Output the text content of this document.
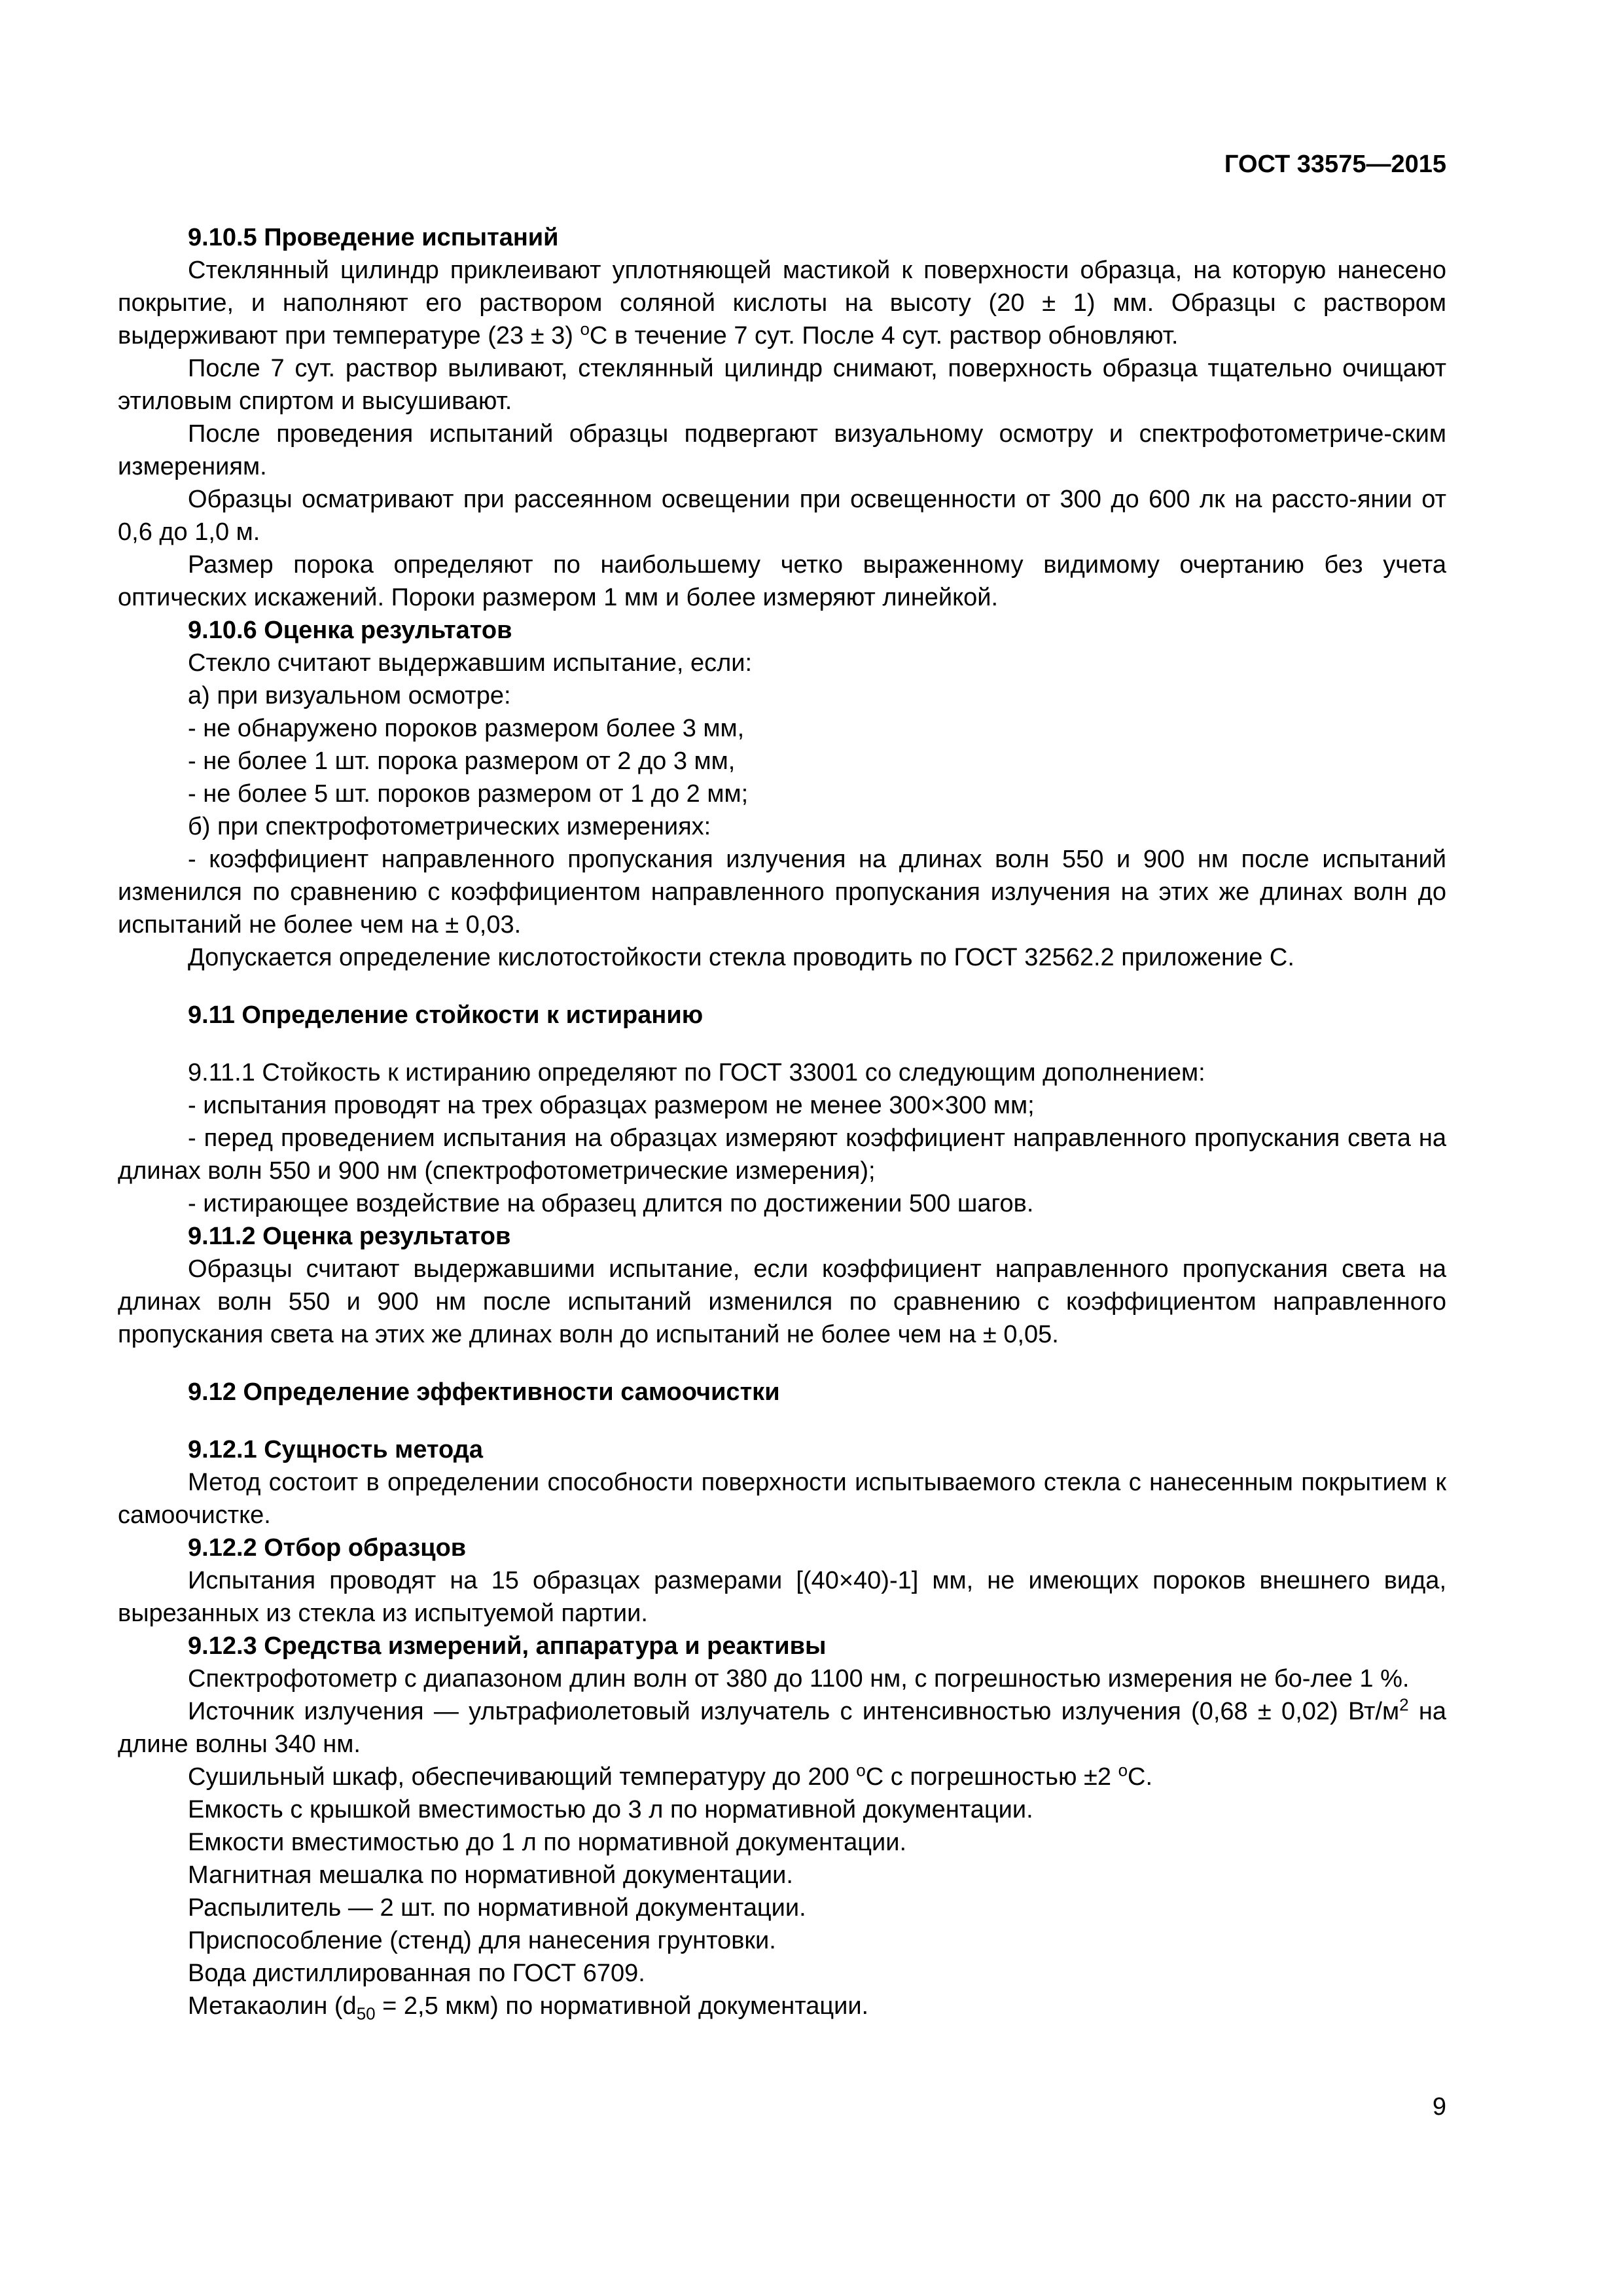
ГОСТ 33575—2015

9.10.5 Проведение испытаний

Стеклянный цилиндр приклеивают уплотняющей мастикой к поверхности образца, на которую нанесено покрытие, и наполняют его раствором соляной кислоты на высоту (20 ± 1) мм. Образцы с раствором выдерживают при температуре (23 ± 3) $^о$С в течение 7 сут. После 4 сут. раствор обновляют.

После 7 сут. раствор выливают, стеклянный цилиндр снимают, поверхность образца тщательно очищают этиловым спиртом и высушивают.

После проведения испытаний образцы подвергают визуальному осмотру и спектрофотометриче-ским измерениям.

Образцы осматривают при рассеянном освещении при освещенности от 300 до 600 лк на рассто-янии от 0,6 до 1,0 м.

Размер порока определяют по наибольшему четко выраженному видимому очертанию без учета оптических искажений. Пороки размером 1 мм и более измеряют линейкой.

9.10.6 Оценка результатов

Стекло считают выдержавшим испытание, если:

а) при визуальном осмотре:

- не обнаружено пороков размером более 3 мм,

- не более 1 шт. порока размером от 2 до 3 мм,

- не более 5 шт. пороков размером от 1 до 2 мм;

б) при спектрофотометрических измерениях:

- коэффициент направленного пропускания излучения на длинах волн 550 и 900 нм после испытаний изменился по сравнению с коэффициентом направленного пропускания излучения на этих же длинах волн до испытаний не более чем на ± 0,03.

Допускается определение кислотостойкости стекла проводить по ГОСТ 32562.2 приложение С.

9.11 Определение стойкости к истиранию

9.11.1 Стойкость к истиранию определяют по ГОСТ 33001 со следующим дополнением:

- испытания проводят на трех образцах размером не менее 300×300 мм;

- перед проведением испытания на образцах измеряют коэффициент направленного пропускания света на длинах волн 550 и 900 нм (спектрофотометрические измерения);

- истирающее воздействие на образец длится по достижении 500 шагов.

9.11.2 Оценка результатов

Образцы считают выдержавшими испытание, если коэффициент направленного пропускания света на длинах волн 550 и 900 нм после испытаний изменился по сравнению с коэффициентом направленного пропускания света на этих же длинах волн до испытаний не более чем на ± 0,05.

9.12 Определение эффективности самоочистки

9.12.1 Сущность метода

Метод состоит в определении способности поверхности испытываемого стекла с нанесенным покрытием к самоочистке.

9.12.2 Отбор образцов

Испытания проводят на 15 образцах размерами [(40×40)-1] мм, не имеющих пороков внешнего вида, вырезанных из стекла из испытуемой партии.

9.12.3 Средства измерений, аппаратура и реактивы

Спектрофотометр с диапазоном длин волн от 380 до 1100 нм, с погрешностью измерения не бо-лее 1 %.

Источник излучения — ультрафиолетовый излучатель с интенсивностью излучения (0,68 ± 0,02) $Вт/м^2$ на длине волны 340 нм.

Сушильный шкаф, обеспечивающий температуру до 200 $^о$С с погрешностью ±2 $^о$С.

Емкость с крышкой вместимостью до 3 л по нормативной документации.

Емкости вместимостью до 1 л по нормативной документации.

Магнитная мешалка по нормативной документации.

Распылитель — 2 шт. по нормативной документации.

Приспособление (стенд) для нанесения грунтовки.

Вода дистиллированная по ГОСТ 6709.

Метакаолин ($d_{50} = 2,5$ мкм) по нормативной документации.

9
